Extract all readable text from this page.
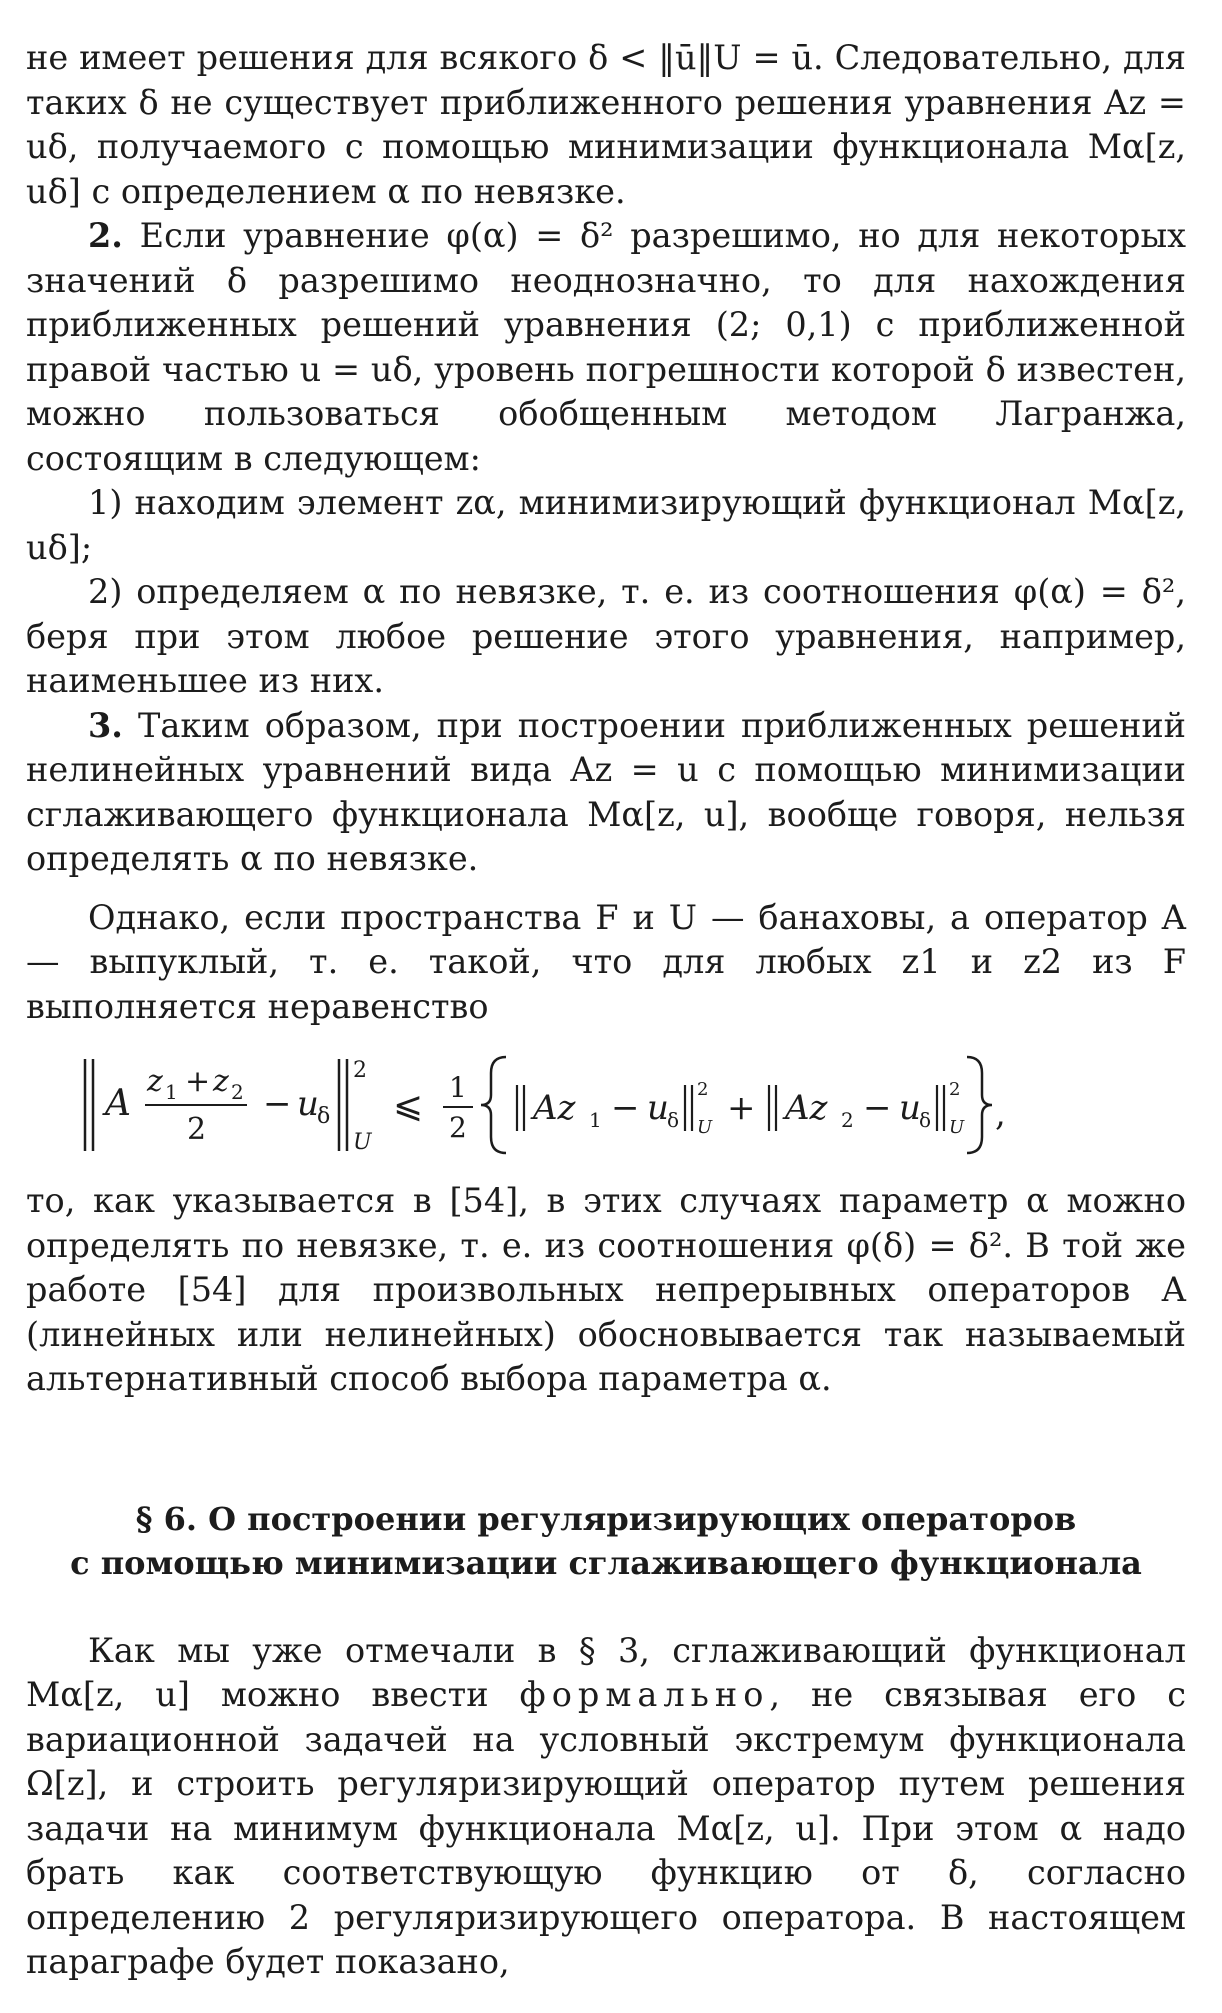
не имеет решения для всякого δ < ‖ū‖U = ū. Следовательно, для таких δ не существует приближенного решения уравнения Az = uδ, получаемого с помощью минимизации функционала Mα[z, uδ] с определением α по невязке.

2. Если уравнение φ(α) = δ² разрешимо, но для некоторых значений δ разрешимо неоднозначно, то для нахождения приближенных решений уравнения (2; 0,1) с приближенной правой частью u = uδ, уровень погрешности которой δ известен, можно пользоваться обобщенным методом Лагранжа, состоящим в следующем:

1) находим элемент zα, минимизирующий функционал Mα[z, uδ];

2) определяем α по невязке, т. е. из соотношения φ(α) = δ², беря при этом любое решение этого уравнения, например, наименьшее из них.

3. Таким образом, при построении приближенных решений нелинейных уравнений вида Az = u с помощью минимизации сглаживающего функционала Mα[z, u], вообще говоря, нельзя определять α по невязке.

Однако, если пространства F и U — банаховы, а оператор A — выпуклый, т. е. такой, что для любых z1 и z2 из F выполняется неравенство

A
z 1 + z 2
2
− u
δ
2
U
⩽ 1
2 Az 1 − u
δ
2
U + Az 2 − u
δ
2
U ,

то, как указывается в [54], в этих случаях параметр α можно определять по невязке, т. е. из соотношения φ(δ) = δ². В той же работе [54] для произвольных непрерывных операторов A (линейных или нелинейных) обосновывается так называемый альтернативный способ выбора параметра α.

§ 6. О построении регуляризирующих операторов
с помощью минимизации сглаживающего функционала

Как мы уже отмечали в § 3, сглаживающий функционал Mα[z, u] можно ввести формально, не связывая его с вариационной задачей на условный экстремум функционала Ω[z], и строить регуляризирующий оператор путем решения задачи на минимум функционала Mα[z, u]. При этом α надо брать как соответствующую функцию от δ, согласно определению 2 регуляризирующего оператора. В настоящем параграфе будет показано,
